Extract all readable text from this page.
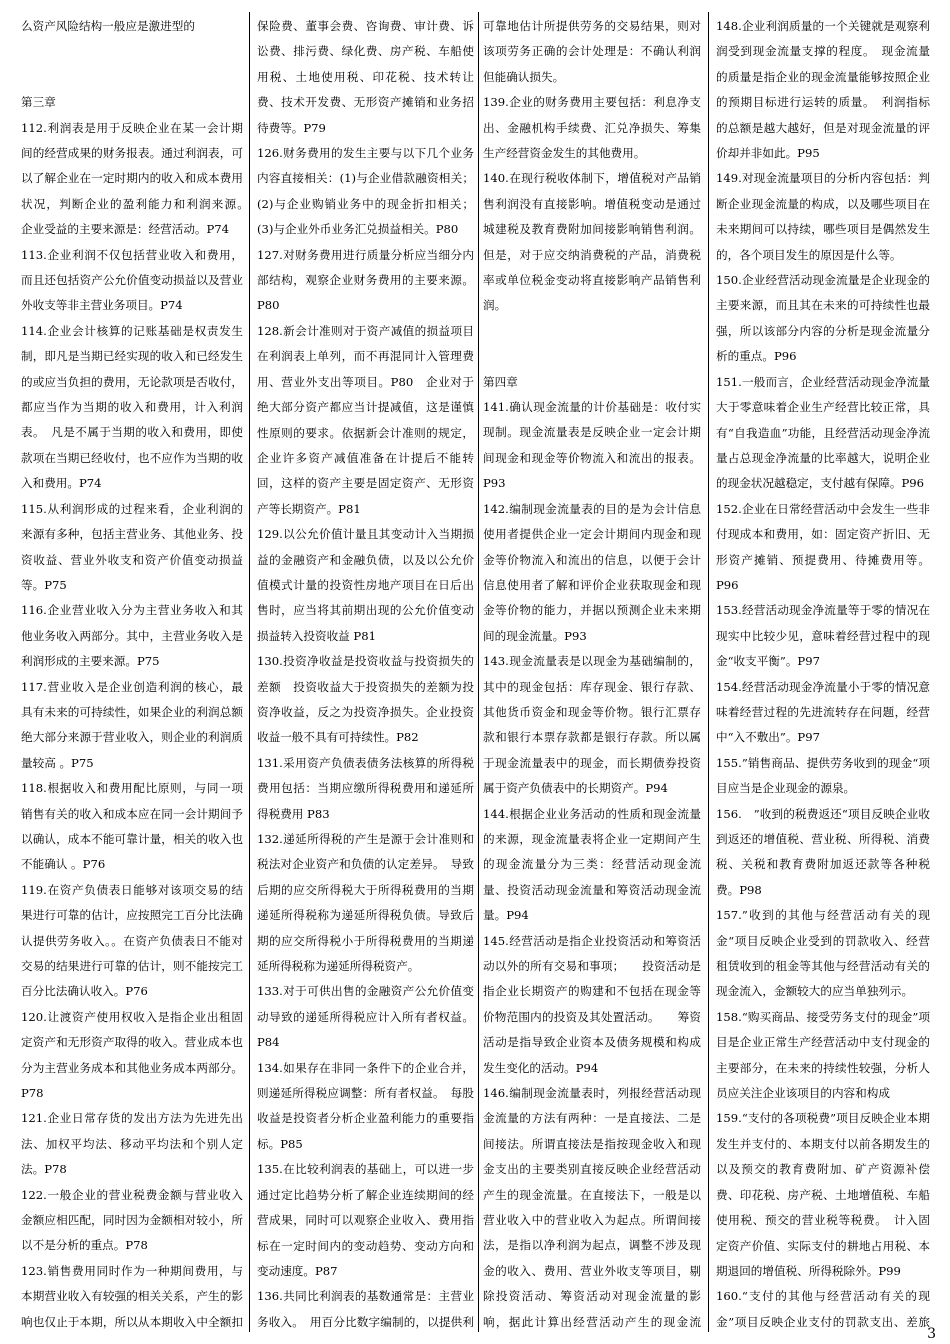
么资产风险结构一般应是激进型的

第三章

112.利润表是用于反映企业在某一会计期间的经营成果的财务报表。通过利润表，可以了解企业在一定时期内的收入和成本费用状况，判断企业的盈利能力和利润来源。　企业受益的主要来源是：经营活动。P74

113.企业利润不仅包括营业收入和费用，而且还包括资产公允价值变动损益以及营业外收支等非主营业务项目。P74

114.企业会计核算的记账基础是权责发生制，即凡是当期已经实现的收入和已经发生的或应当负担的费用，无论款项是否收付，都应当作为当期的收入和费用，计入利润表。　凡是不属于当期的收入和费用，即使款项在当期已经收付，也不应作为当期的收入和费用。P74

115.从利润形成的过程来看，企业利润的来源有多种，包括主营业务、其他业务、投资收益、营业外收支和资产价值变动损益等。P75

116.企业营业收入分为主营业务收入和其他业务收入两部分。其中，主营业务收入是利润形成的主要来源。P75

117.营业收入是企业创造利润的核心，最具有未来的可持续性，如果企业的利润总额绝大部分来源于营业收入，则企业的利润质量较高 。P75

118.根据收入和费用配比原则，与同一项销售有关的收入和成本应在同一会计期间予以确认，成本不能可靠计量，相关的收入也不能确认 。P76

119.在资产负债表日能够对该项交易的结果进行可靠的估计，应按照完工百分比法确认提供劳务收入。。在资产负债表日不能对交易的结果进行可靠的估计，则不能按完工百分比法确认收入。P76

120.让渡资产使用权收入是指企业出租固定资产和无形资产取得的收入。营业成本也分为主营业务成本和其他业务成本两部分。P78

121.企业日常存货的发出方法为先进先出法、加权平均法、移动平均法和个别人定法。P78

122.一般企业的营业税费金额与营业收入金额应相匹配，同时因为金额相对较小，所以不是分析的重点。P78

123.销售费用同时作为一种期间费用，与本期营业收入有较强的相关关系，产生的影响也仅止于本期，所以从本期收入中全额扣

保险费、董事会费、咨询费、审计费、诉讼费、排污费、绿化费、房产税、车船使用税、土地使用税、印花税、技术转让费、技术开发费、无形资产摊销和业务招待费等。P79

126.财务费用的发生主要与以下几个业务内容直接相关：(1)与企业借款融资相关；(2)与企业购销业务中的现金折扣相关；(3)与企业外币业务汇兑损益相关。P80

127.对财务费用进行质量分析应当细分内部结构，观察企业财务费用的主要来源。P80

128.新会计准则对于资产减值的损益项目在利润表上单列，而不再混同计入管理费用、营业外支出等项目。P80　企业对于绝大部分资产都应当计提减值，这是谨慎性原则的要求。依据新会计准则的规定，企业许多资产减值准备在计提后不能转回，这样的资产主要是固定资产、无形资产等长期资产。P81

129.以公允价值计量且其变动计入当期损益的金融资产和金融负债，以及以公允价值模式计量的投资性房地产项目在日后出售时，应当将其前期出现的公允价值变动损益转入投资收益 P81

130.投资净收益是投资收益与投资损失的差额　投资收益大于投资损失的差额为投资净收益，反之为投资净损失。企业投资收益一般不具有可持续性。P82

131.采用资产负债表债务法核算的所得税费用包括：当期应缴所得税费用和递延所得税费用 P83

132.递延所得税的产生是源于会计准则和税法对企业资产和负债的认定差异。　导致后期的应交所得税大于所得税费用的当期递延所得税称为递延所得税负债。导致后期的应交所得税小于所得税费用的当期递延所得税称为递延所得税资产。

133.对于可供出售的金融资产公允价值变动导致的递延所得税应计入所有者权益。P84

134.如果存在非同一条件下的企业合并，则递延所得税应调整：所有者权益。　每股收益是投资者分析企业盈利能力的重要指标。P85

135.在比较利润表的基础上，可以进一步通过定比趋势分析了解企业连续期间的经营成果，同时可以观察企业收入、费用指标在一定时间内的变动趋势、变动方向和变动速度。P87

136.共同比利润表的基数通常是：主营业务收入。　用百分比数字编制的，以提供利

可靠地估计所提供劳务的交易结果，则对该项劳务正确的会计处理是：不确认利润但能确认损失。

139.企业的财务费用主要包括：利息净支出、金融机构手续费、汇兑净损失、筹集生产经营资金发生的其他费用。

140.在现行税收体制下，增值税对产品销售利润没有直接影响。增值税变动是通过城建税及教育费附加间接影响销售利润。但是，对于应交纳消费税的产品，消费税率或单位税金变动将直接影响产品销售利润。

第四章

141.确认现金流量的计价基础是：收付实现制。现金流量表是反映企业一定会计期间现金和现金等价物流入和流出的报表。P93

142.编制现金流量表的目的是为会计信息使用者提供企业一定会计期间内现金和现金等价物流入和流出的信息，以便于会计信息使用者了解和评价企业获取现金和现金等价物的能力，并据以预测企业未来期间的现金流量。P93

143.现金流量表是以现金为基础编制的，其中的现金包括：库存现金、银行存款、其他货币资金和现金等价物。银行汇票存款和银行本票存款都是银行存款。所以属于现金流量表中的现金，而长期债券投资属于资产负债表中的长期资产。P94

144.根据企业业务活动的性质和现金流量的来源，现金流量表将企业一定期间产生的现金流量分为三类：经营活动现金流量、投资活动现金流量和筹资活动现金流量。P94

145.经营活动是指企业投资活动和筹资活动以外的所有交易和事项；　　投资活动是指企业长期资产的购建和不包括在现金等价物范围内的投资及其处置活动。　　筹资活动是指导致企业资本及债务规模和构成发生变化的活动。P94

146.编制现金流量表时，列报经营活动现金流量的方法有两种：一是直接法、二是间接法。所谓直接法是指按现金收入和现金支出的主要类别直接反映企业经营活动产生的现金流量。在直接法下，一般是以营业收入中的营业收入为起点。所谓间接法，是指以净利润为起点，调整不涉及现金的收入、费用、营业外收支等项目，剔除投资活动、筹资活动对现金流量的影响，据此计算出经营活动产生的现金流

148.企业利润质量的一个关键就是观察利润受到现金流量支撑的程度。　现金流量的质量是指企业的现金流量能够按照企业的预期目标进行运转的质量。　利润指标的总额是越大越好，但是对现金流量的评价却并非如此。P95

149.对现金流量项目的分析内容包括：判断企业现金流量的构成，以及哪些项目在未来期间可以持续，哪些项目是偶然发生的，各个项目发生的原因是什么等。

150.企业经营活动现金流量是企业现金的主要来源，而且其在未来的可持续性也最强，所以该部分内容的分析是现金流量分析的重点。P96

151.一般而言，企业经营活动现金净流量大于零意味着企业生产经营比较正常，具有“自我造血”功能，且经营活动现金净流量占总现金净流量的比率越大，说明企业的现金状况越稳定，支付越有保障。P96

152.企业在日常经营活动中会发生一些非付现成本和费用，如：固定资产折旧、无形资产摊销、预提费用、待摊费用等。P96

153.经营活动现金净流量等于零的情况在现实中比较少见，意味着经营过程中的现金“收支平衡”。P97

154.经营活动现金净流量小于零的情况意味着经营过程的先进流转存在问题，经营中“入不敷出”。P97

155.”销售商品、提供劳务收到的现金“项目应当是企业现金的源泉。

156.　”收到的税费返还“项目反映企业收到返还的增值税、营业税、所得税、消费税、关税和教育费附加返还款等各种税费。P98

157.”收到的其他与经营活动有关的现金“项目反映企业受到的罚款收入、经营租赁收到的租金等其他与经营活动有关的现金流入，金额较大的应当单独列示。

158.“购买商品、接受劳务支付的现金”项目是企业正常生产经营活动中支付现金的主要部分，在未来的持续性较强，分析人员应关注企业该项目的内容和构成

159.“支付的各项税费”项目反映企业本期发生并支付的、本期支付以前各期发生的以及预交的教育费附加、矿产资源补偿费、印花税、房产税、土地增值税、车船使用税、预交的营业税等税费。　计入固定资产价值、实际支付的耕地占用税、本期退回的增值税、所得税除外。P99

160.“支付的其他与经营活动有关的现金”项目反映企业支付的罚款支出、差旅

3
